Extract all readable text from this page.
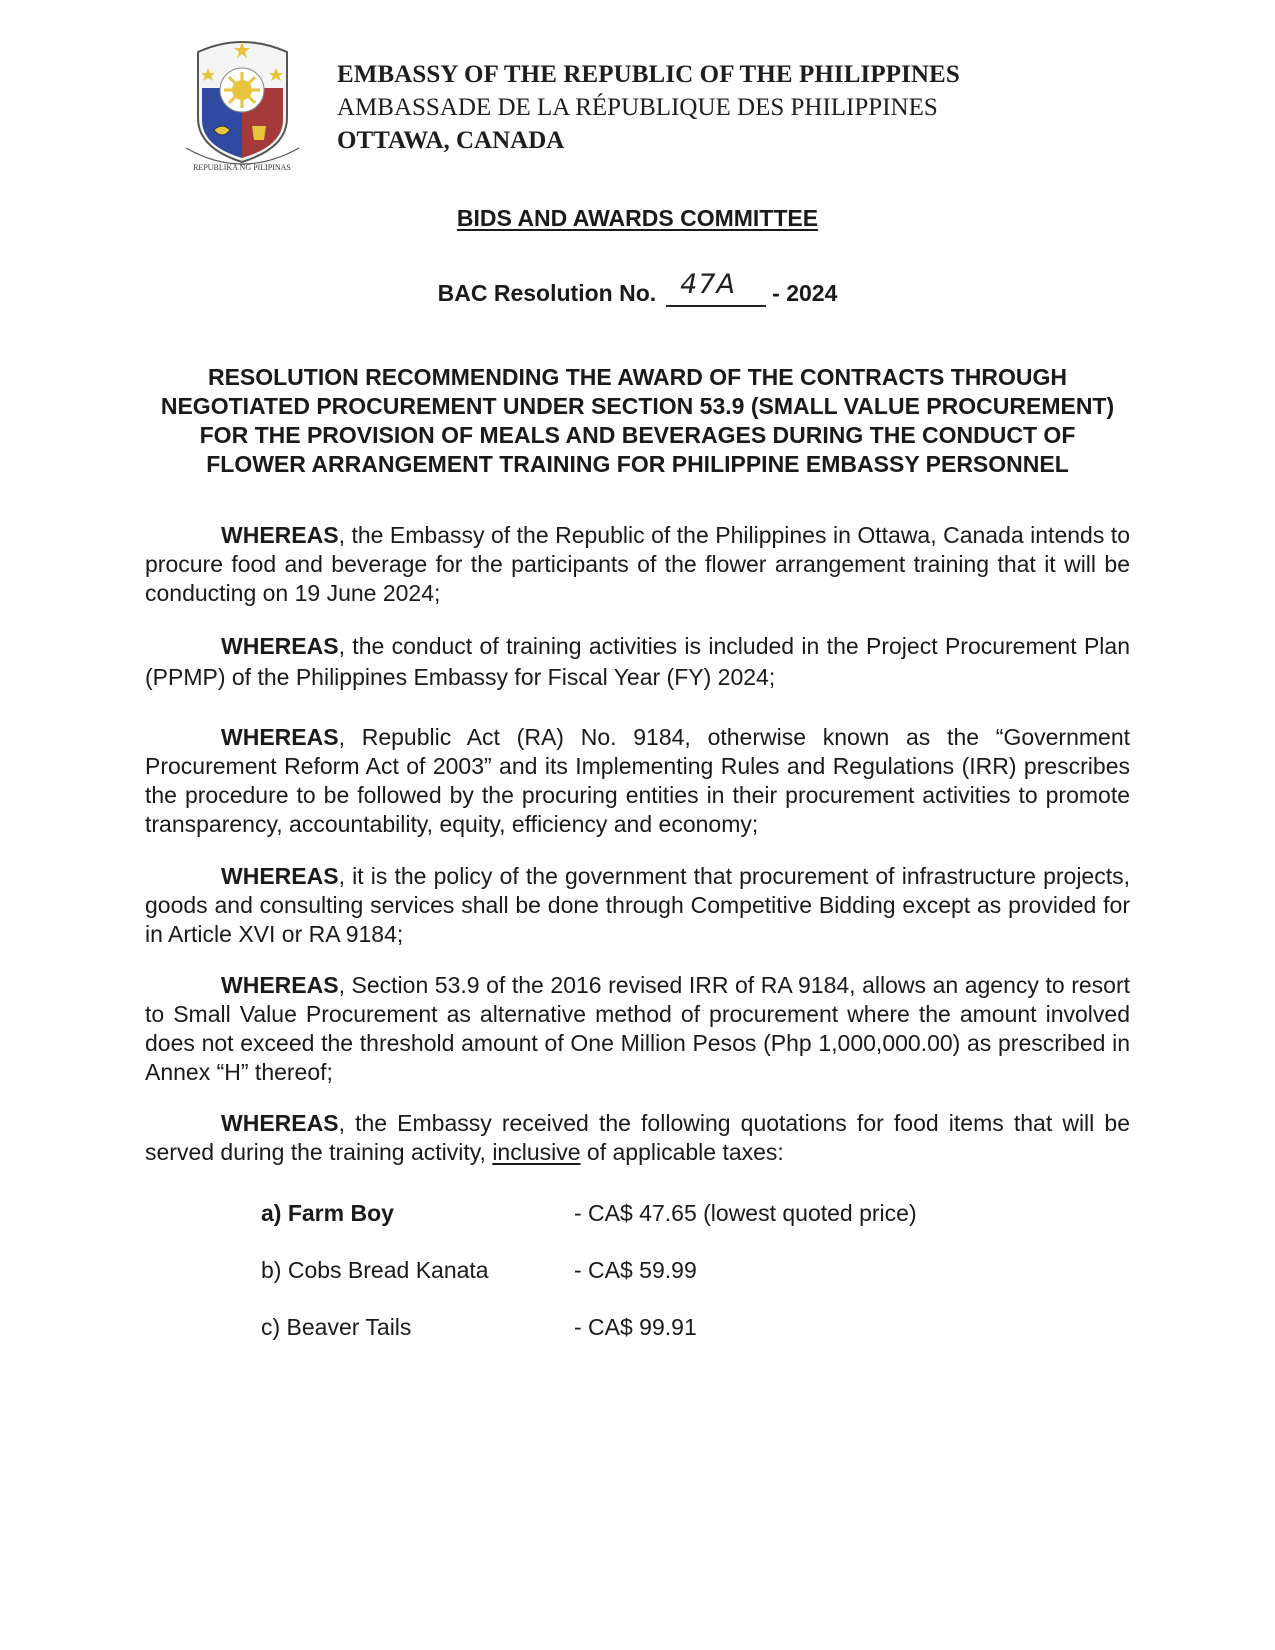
REPUBLIKA NG PILIPINAS
EMBASSY OF THE REPUBLIC OF THE PHILIPPINES
AMBASSADE DE LA RÉPUBLIQUE DES PHILIPPINES
OTTAWA, CANADA
BIDS AND AWARDS COMMITTEE
BAC Resolution No. 47A - 2024
RESOLUTION RECOMMENDING THE AWARD OF THE CONTRACTS THROUGH NEGOTIATED PROCUREMENT UNDER SECTION 53.9 (SMALL VALUE PROCUREMENT) FOR THE PROVISION OF MEALS AND BEVERAGES DURING THE CONDUCT OF FLOWER ARRANGEMENT TRAINING FOR PHILIPPINE EMBASSY PERSONNEL

WHEREAS, the Embassy of the Republic of the Philippines in Ottawa, Canada intends to procure food and beverage for the participants of the flower arrangement training that it will be conducting on 19 June 2024;

WHEREAS, the conduct of training activities is included in the Project Procurement Plan (PPMP) of the Philippines Embassy for Fiscal Year (FY) 2024;

WHEREAS, Republic Act (RA) No. 9184, otherwise known as the “Government Procurement Reform Act of 2003” and its Implementing Rules and Regulations (IRR) prescribes the procedure to be followed by the procuring entities in their procurement activities to promote transparency, accountability, equity, efficiency and economy;

WHEREAS, it is the policy of the government that procurement of infrastructure projects, goods and consulting services shall be done through Competitive Bidding except as provided for in Article XVI or RA 9184;

WHEREAS, Section 53.9 of the 2016 revised IRR of RA 9184, allows an agency to resort to Small Value Procurement as alternative method of procurement where the amount involved does not exceed the threshold amount of One Million Pesos (Php 1,000,000.00) as prescribed in Annex “H” thereof;

WHEREAS, the Embassy received the following quotations for food items that will be served during the training activity, inclusive of applicable taxes:

a) Farm Boy	- CA$ 47.65 (lowest quoted price)
b) Cobs Bread Kanata	- CA$ 59.99
c) Beaver Tails	- CA$ 99.91
